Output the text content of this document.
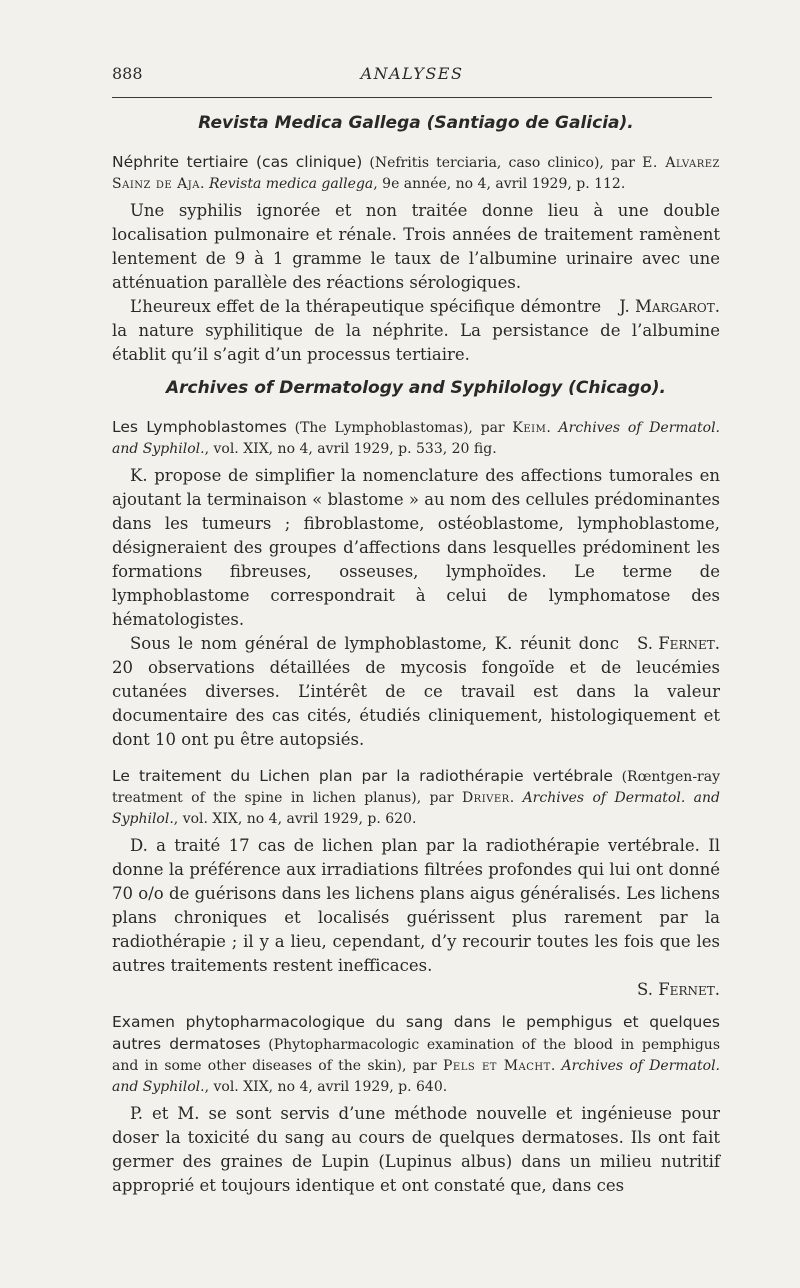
888	ANALYSES
Revista Medica Gallega (Santiago de Galicia).
Néphrite tertiaire (cas clinique) (Nefritis terciaria, caso clinico), par E. Alvarez Sainz de Aja. Revista medica gallega, 9e année, no 4, avril 1929, p. 112.

Une syphilis ignorée et non traitée donne lieu à une double localisation pulmonaire et rénale. Trois années de traitement ramènent lentement de 9 à 1 gramme le taux de l’albumine urinaire avec une atténuation parallèle des réactions sérologiques.

J. Margarot.
L’heureux effet de la thérapeutique spécifique démontre la nature syphilitique de la néphrite. La persistance de l’albumine établit qu’il s’agit d’un processus tertiaire.

Archives of Dermatology and Syphilology (Chicago).
Les Lymphoblastomes (The Lymphoblastomas), par Keim. Archives of Dermatol. and Syphilol., vol. XIX, no 4, avril 1929, p. 533, 20 fig.

K. propose de simplifier la nomenclature des affections tumorales en ajoutant la terminaison « blastome » au nom des cellules prédominantes dans les tumeurs ; fibroblastome, ostéoblastome, lymphoblastome, désigneraient des groupes d’affections dans lesquelles prédominent les formations fibreuses, osseuses, lymphoïdes. Le terme de lymphoblastome correspondrait à celui de lymphomatose des hématologistes.

S. Fernet.
Sous le nom général de lymphoblastome, K. réunit donc 20 observations détaillées de mycosis fongoïde et de leucémies cutanées diverses. L’intérêt de ce travail est dans la valeur documentaire des cas cités, étudiés cliniquement, histologiquement et dont 10 ont pu être autopsiés.

Le traitement du Lichen plan par la radiothérapie vertébrale (Rœntgen-ray treatment of the spine in lichen planus), par Driver. Archives of Dermatol. and Syphilol., vol. XIX, no 4, avril 1929, p. 620.

D. a traité 17 cas de lichen plan par la radiothérapie vertébrale. Il donne la préférence aux irradiations filtrées profondes qui lui ont donné 70 o/o de guérisons dans les lichens plans aigus généralisés. Les lichens plans chroniques et localisés guérissent plus rarement par la radiothérapie ; il y a lieu, cependant, d’y recourir toutes les fois que les autres traitements restent inefficaces.

S. Fernet.
Examen phytopharmacologique du sang dans le pemphigus et quelques autres dermatoses (Phytopharmacologic examination of the blood in pemphigus and in some other diseases of the skin), par Pels et Macht. Archives of Dermatol. and Syphilol., vol. XIX, no 4, avril 1929, p. 640.

P. et M. se sont servis d’une méthode nouvelle et ingénieuse pour doser la toxicité du sang au cours de quelques dermatoses. Ils ont fait germer des graines de Lupin (Lupinus albus) dans un milieu nutritif approprié et toujours identique et ont constaté que, dans ces
